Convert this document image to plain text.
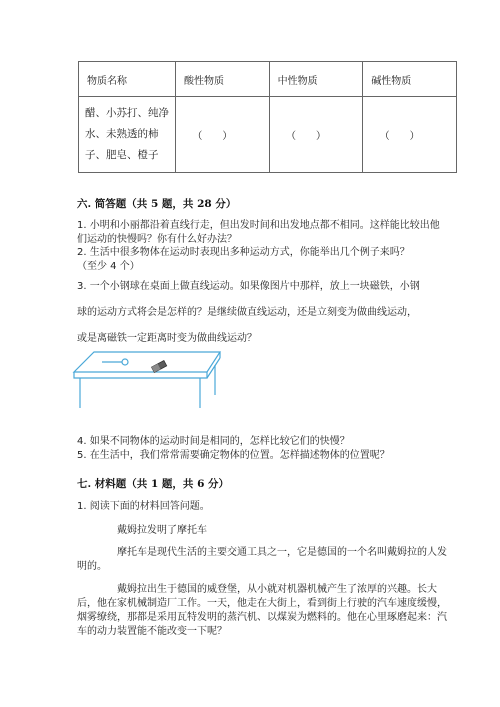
物质名称	酸性物质	中性物质	碱性物质

醋、小苏打、纯净
水、未熟透的柿
子、肥皂、橙子	（　　）	（　　）	（　　）
六. 简答题（共 5 题，共 28 分）
1. 小明和小丽都沿着直线行走，但出发时间和出发地点都不相同。这样能比较出他们运动的快慢吗？你有什么好办法？
2. 生活中很多物体在运动时表现出多种运动方式，你能举出几个例子来吗？
（至少 4 个）
3. 一个小钢球在桌面上做直线运动。如果像图片中那样，放上一块磁铁，小钢
球的运动方式将会是怎样的？是继续做直线运动，还是立刻变为做曲线运动，
或是离磁铁一定距离时变为做曲线运动？
4. 如果不同物体的运动时间是相同的，怎样比较它们的快慢？
5. 在生活中，我们常常需要确定物体的位置。怎样描述物体的位置呢？
七. 材料题（共 1 题，共 6 分）
1. 阅读下面的材料回答问题。
戴姆拉发明了摩托车
摩托车是现代生活的主要交通工具之一，它是德国的一个名叫戴姆拉的人发明的。
戴姆拉出生于德国的威登堡，从小就对机器机械产生了浓厚的兴趣。长大后，他在家机械制造厂工作。一天，他走在大街上，看到街上行驶的汽车速度缓慢，烟雾缭绕，那都是采用瓦特发明的蒸汽机、以煤炭为燃料的。他在心里琢磨起来：汽车的动力装置能不能改变一下呢？
